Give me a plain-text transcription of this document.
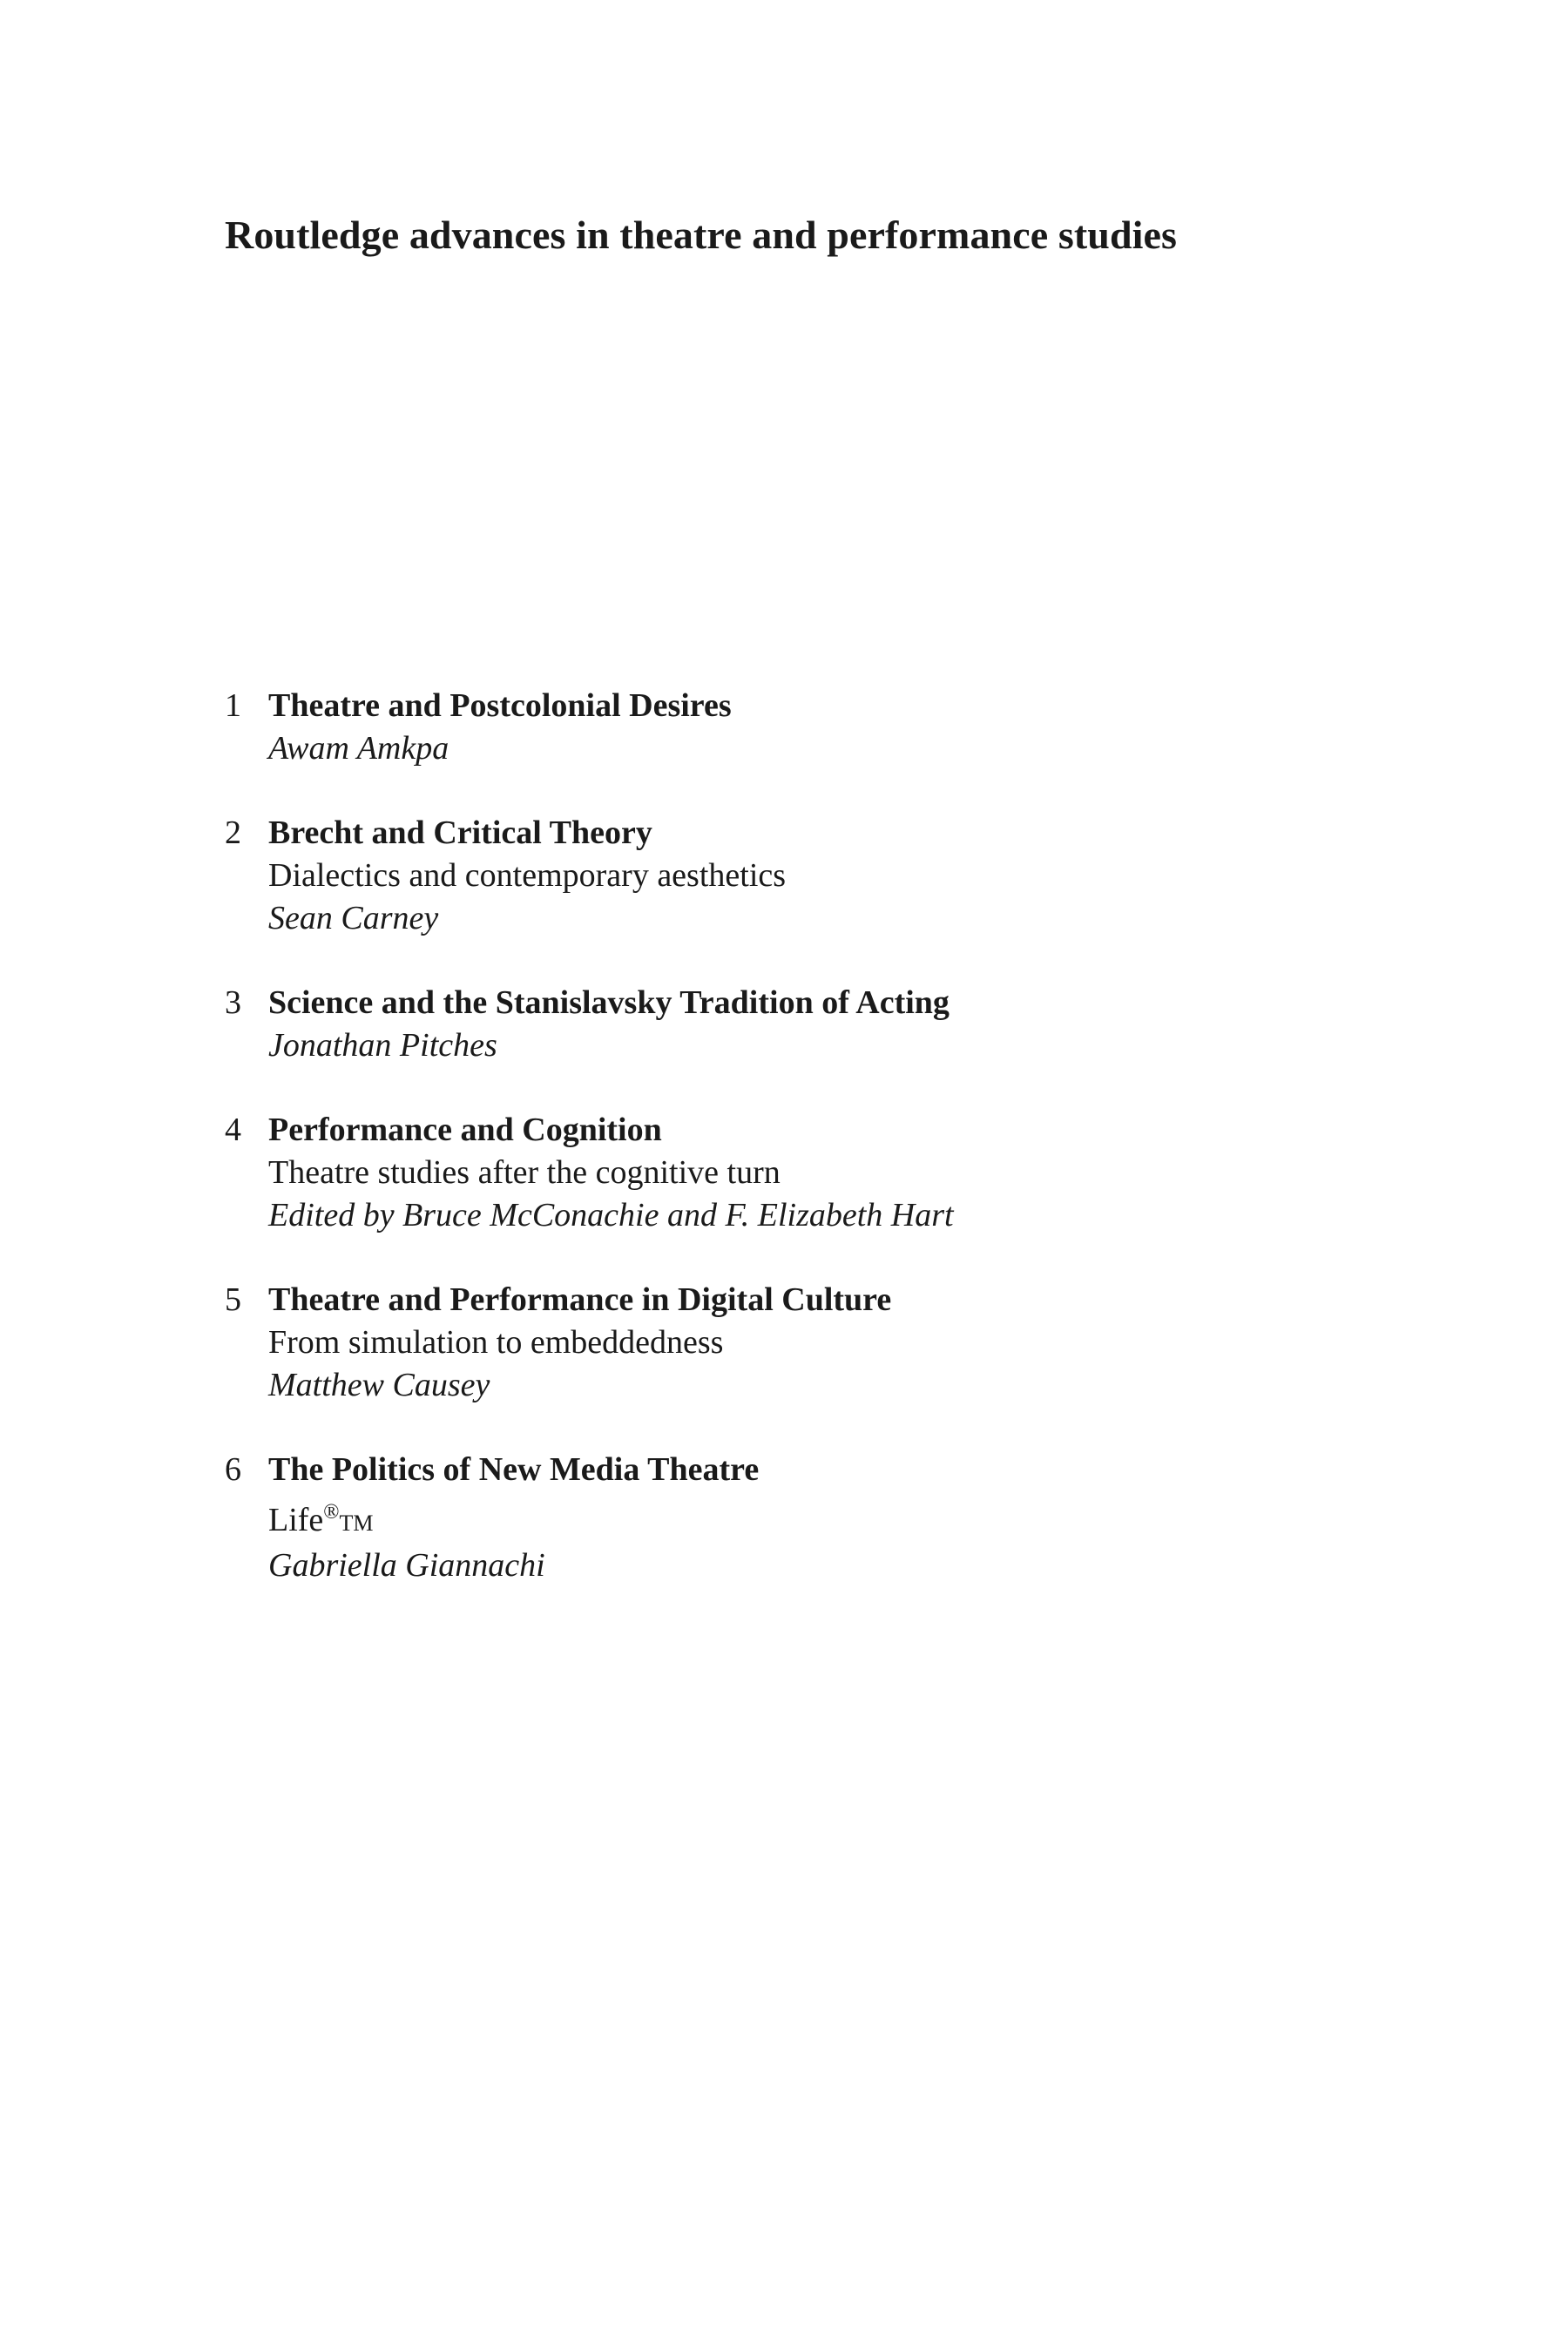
Routledge advances in theatre and performance studies
1 Theatre and Postcolonial Desires
Awam Amkpa
2 Brecht and Critical Theory
Dialectics and contemporary aesthetics
Sean Carney
3 Science and the Stanislavsky Tradition of Acting
Jonathan Pitches
4 Performance and Cognition
Theatre studies after the cognitive turn
Edited by Bruce McConachie and F. Elizabeth Hart
5 Theatre and Performance in Digital Culture
From simulation to embeddedness
Matthew Causey
6 The Politics of New Media Theatre
Life®TM
Gabriella Giannachi
